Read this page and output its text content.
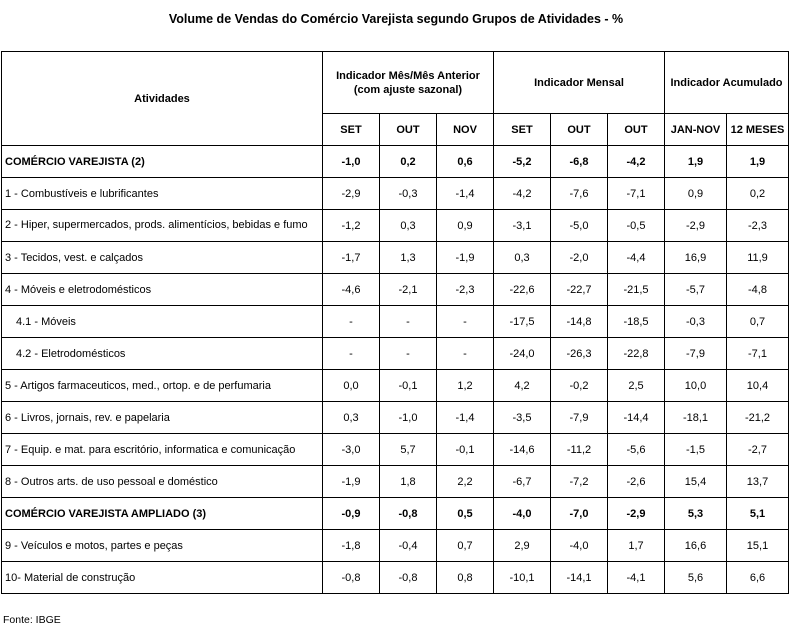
Volume de Vendas do Comércio Varejista segundo Grupos de Atividades - %
Atividades	Indicador Mês/Mês Anterior (com ajuste sazonal)			Indicador Mensal			Indicador Acumulado	
	SET	OUT	NOV	SET	OUT	OUT	JAN-NOV	12 MESES
COMÉRCIO VAREJISTA (2)	-1,0	0,2	0,6	-5,2	-6,8	-4,2	1,9	1,9
1 - Combustíveis e lubrificantes	-2,9	-0,3	-1,4	-4,2	-7,6	-7,1	0,9	0,2
2 - Hiper, supermercados, prods. alimentícios, bebidas e fumo	-1,2	0,3	0,9	-3,1	-5,0	-0,5	-2,9	-2,3
3 - Tecidos, vest. e calçados	-1,7	1,3	-1,9	0,3	-2,0	-4,4	16,9	11,9
4 - Móveis e eletrodomésticos	-4,6	-2,1	-2,3	-22,6	-22,7	-21,5	-5,7	-4,8
4.1 - Móveis	-	-	-	-17,5	-14,8	-18,5	-0,3	0,7
4.2 - Eletrodomésticos	-	-	-	-24,0	-26,3	-22,8	-7,9	-7,1
5 - Artigos farmaceuticos, med., ortop. e de perfumaria	0,0	-0,1	1,2	4,2	-0,2	2,5	10,0	10,4
6 - Livros, jornais, rev. e papelaria	0,3	-1,0	-1,4	-3,5	-7,9	-14,4	-18,1	-21,2
7 - Equip. e mat. para escritório, informatica e comunicação	-3,0	5,7	-0,1	-14,6	-11,2	-5,6	-1,5	-2,7
8 - Outros arts. de uso pessoal e doméstico	-1,9	1,8	2,2	-6,7	-7,2	-2,6	15,4	13,7
COMÉRCIO VAREJISTA AMPLIADO (3)	-0,9	-0,8	0,5	-4,0	-7,0	-2,9	5,3	5,1
9 - Veículos e motos, partes e peças	-1,8	-0,4	0,7	2,9	-4,0	1,7	16,6	15,1
10- Material de construção	-0,8	-0,8	0,8	-10,1	-14,1	-4,1	5,6	6,6
Fonte: IBGE
